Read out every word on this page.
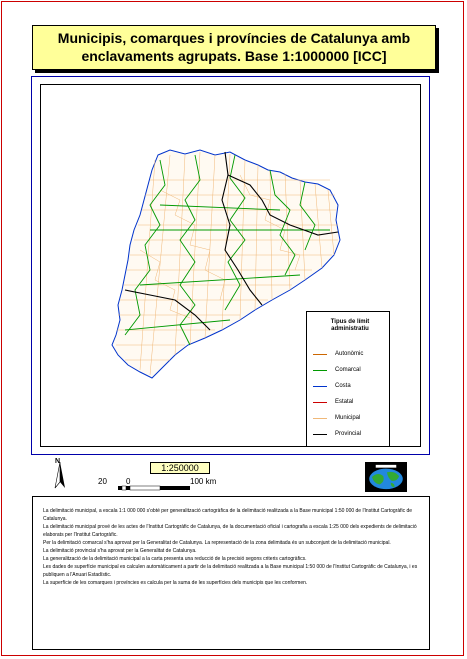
Municipis, comarques i províncies de Catalunya amb enclavaments agrupats. Base 1:1000000 [ICC]
Tipus de límit administratiu
Autonòmic
Comarcal
Costa
Estatal
Municipal
Provincial
N
1:250000
20 0	100 km

La delimitació municipal, a escala 1:1 000 000 s'obté per generalització cartogràfica de la delimitació realitzada a la Base municipal 1:50 000 de l'Institut Cartogràfic de Catalunya.

La delimitació municipal prové de les actes de l'Institut Cartogràfic de Catalunya, de la documentació oficial i cartografia a escala 1:25 000 dels expedients de delimitació elaborats per l'Institut Cartogràfic.

Per la delimitació comarcal s'ha aprovat per la Generalitat de Catalunya. La representació de la zona delimitada és un subconjunt de la delimitació municipal.

La delimitació provincial s'ha aprovat per la Generalitat de Catalunya.

La generalització de la delimitació municipal a la carta presenta una reducció de la precisió segons criteris cartogràfics.

Les dades de superfície municipal es calculen automàticament a partir de la delimitació realitzada a la Base municipal 1:50 000 de l'Institut Cartogràfic de Catalunya, i es publiquen a l'Anuari Estadístic.

La superfície de les comarques i províncies es calcula per la suma de les superfícies dels municipis que les conformen.
